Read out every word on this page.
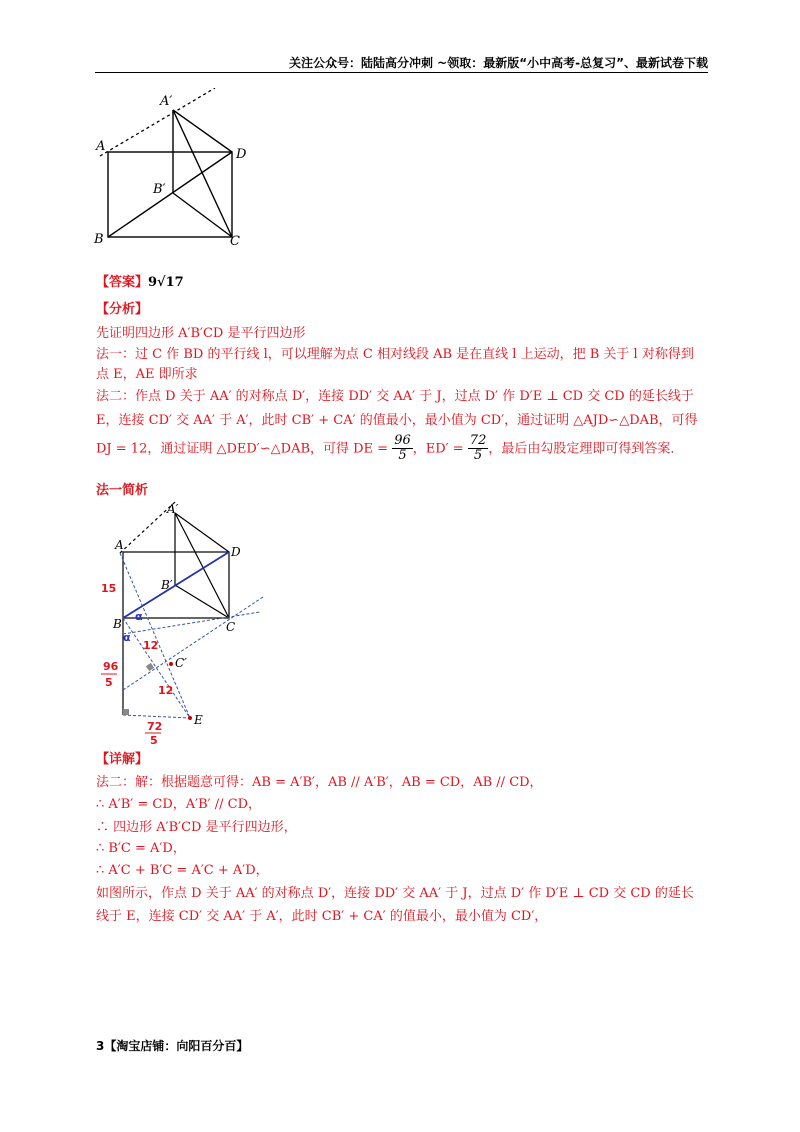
关注公众号：陆陆高分冲刺 ~领取：最新版“小中高考-总复习”、最新试卷下载
A′
A
D
B′
B	C
【答案】9√17
【分析】
先证明四边形 A′B′CD 是平行四边形
法一：过 C 作 BD 的平行线 l，可以理解为点 C 相对线段 AB 是在直线 l 上运动，把 B 关于 l 对称得到
点 E，AE 即所求
法二：作点 D 关于 AA′ 的对称点 D′，连接 DD′ 交 AA′ 于 J，过点 D′ 作 D′E ⊥ CD 交 CD 的延长线于
E，连接 CD′ 交 AA′ 于 A′，此时 CB′ + CA′ 的值最小，最小值为 CD′，通过证明 △AJD∽△DAB，可得
DJ = 12，通过证明 △DED′∽△DAB，可得 DE = $\frac{96}{5}$ ，$ED' = \frac{72}{5}$ ，最后由勾股定理即可得到答案．
法一简析
A′
A	D
B′
B	C
C′
E
15
12
12
96
5
72
5
α
α
【详解】
法二：解：根据题意可得：AB = A′B′，AB // A′B′，AB = CD，AB // CD，
∴ A′B′ = CD，A′B′ // CD，
∴ 四边形 A′B′CD 是平行四边形，
∴ B′C = A′D，
∴ A′C + B′C = A′C + A′D，
如图所示，作点 D 关于 AA′ 的对称点 D′，连接 DD′ 交 AA′ 于 J，过点 D′ 作 D′E ⊥ CD 交 CD 的延长
线于 E，连接 CD′ 交 AA′ 于 A′，此时 CB′ + CA′ 的值最小，最小值为 CD′，
3【淘宝店铺：向阳百分百】
